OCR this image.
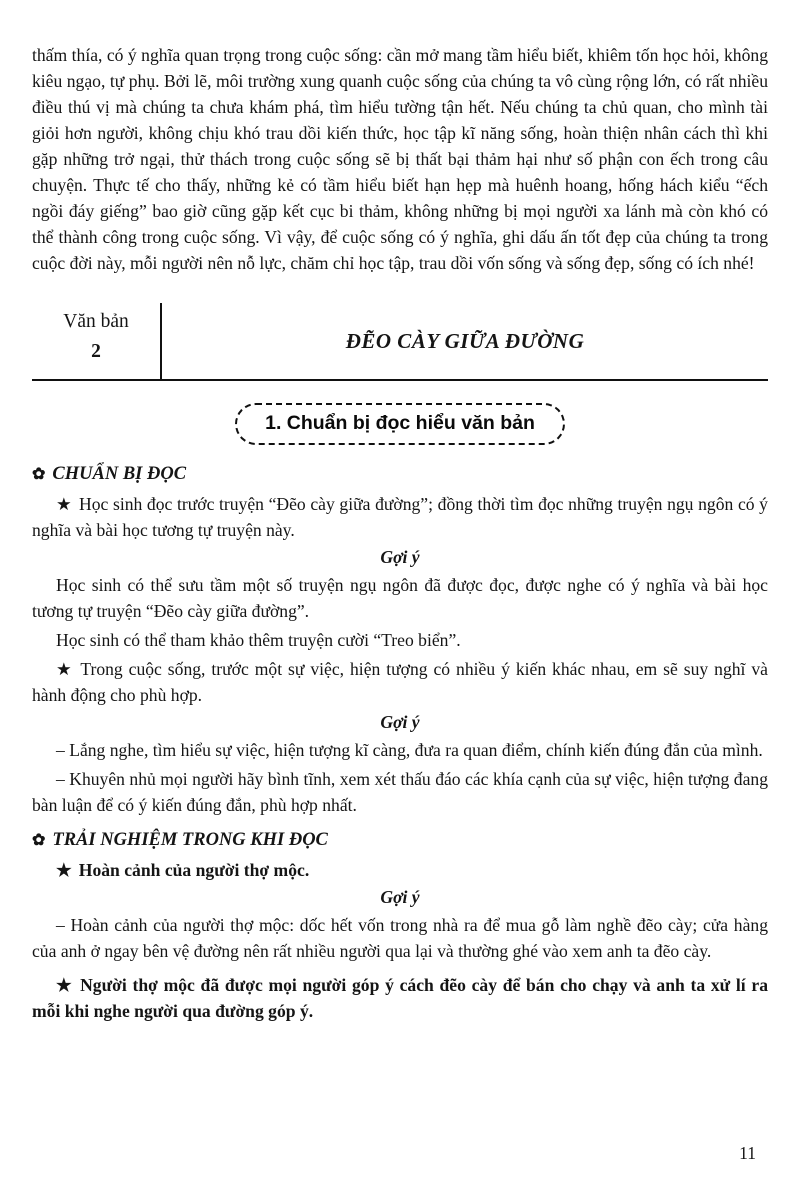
thấm thía, có ý nghĩa quan trọng trong cuộc sống: cần mở mang tầm hiểu biết, khiêm tốn học hỏi, không kiêu ngạo, tự phụ. Bởi lẽ, môi trường xung quanh cuộc sống của chúng ta vô cùng rộng lớn, có rất nhiều điều thú vị mà chúng ta chưa khám phá, tìm hiểu tường tận hết. Nếu chúng ta chủ quan, cho mình tài giỏi hơn người, không chịu khó trau dồi kiến thức, học tập kĩ năng sống, hoàn thiện nhân cách thì khi gặp những trở ngại, thử thách trong cuộc sống sẽ bị thất bại thảm hại như số phận con ếch trong câu chuyện. Thực tế cho thấy, những kẻ có tầm hiểu biết hạn hẹp mà huênh hoang, hống hách kiểu “ếch ngồi đáy giếng” bao giờ cũng gặp kết cục bi thảm, không những bị mọi người xa lánh mà còn khó có thể thành công trong cuộc sống. Vì vậy, để cuộc sống có ý nghĩa, ghi dấu ấn tốt đẹp của chúng ta trong cuộc đời này, mỗi người nên nỗ lực, chăm chỉ học tập, trau dồi vốn sống và sống đẹp, sống có ích nhé!

Văn bản
2	ĐẼO CÀY GIỮA ĐƯỜNG
1. Chuẩn bị đọc hiểu văn bản
✿ CHUẨN BỊ ĐỌC

★ Học sinh đọc trước truyện “Đẽo cày giữa đường”; đồng thời tìm đọc những truyện ngụ ngôn có ý nghĩa và bài học tương tự truyện này.

Gợi ý

Học sinh có thể sưu tầm một số truyện ngụ ngôn đã được đọc, được nghe có ý nghĩa và bài học tương tự truyện “Đẽo cày giữa đường”.

Học sinh có thể tham khảo thêm truyện cười “Treo biển”.

★ Trong cuộc sống, trước một sự việc, hiện tượng có nhiều ý kiến khác nhau, em sẽ suy nghĩ và hành động cho phù hợp.

Gợi ý

– Lắng nghe, tìm hiểu sự việc, hiện tượng kĩ càng, đưa ra quan điểm, chính kiến đúng đắn của mình.

– Khuyên nhủ mọi người hãy bình tĩnh, xem xét thấu đáo các khía cạnh của sự việc, hiện tượng đang bàn luận để có ý kiến đúng đắn, phù hợp nhất.

✿ TRẢI NGHIỆM TRONG KHI ĐỌC

★ Hoàn cảnh của người thợ mộc.

Gợi ý

– Hoàn cảnh của người thợ mộc: dốc hết vốn trong nhà ra để mua gỗ làm nghề đẽo cày; cửa hàng của anh ở ngay bên vệ đường nên rất nhiều người qua lại và thường ghé vào xem anh ta đẽo cày.

★ Người thợ mộc đã được mọi người góp ý cách đẽo cày để bán cho chạy và anh ta xử lí ra mỗi khi nghe người qua đường góp ý.

11
